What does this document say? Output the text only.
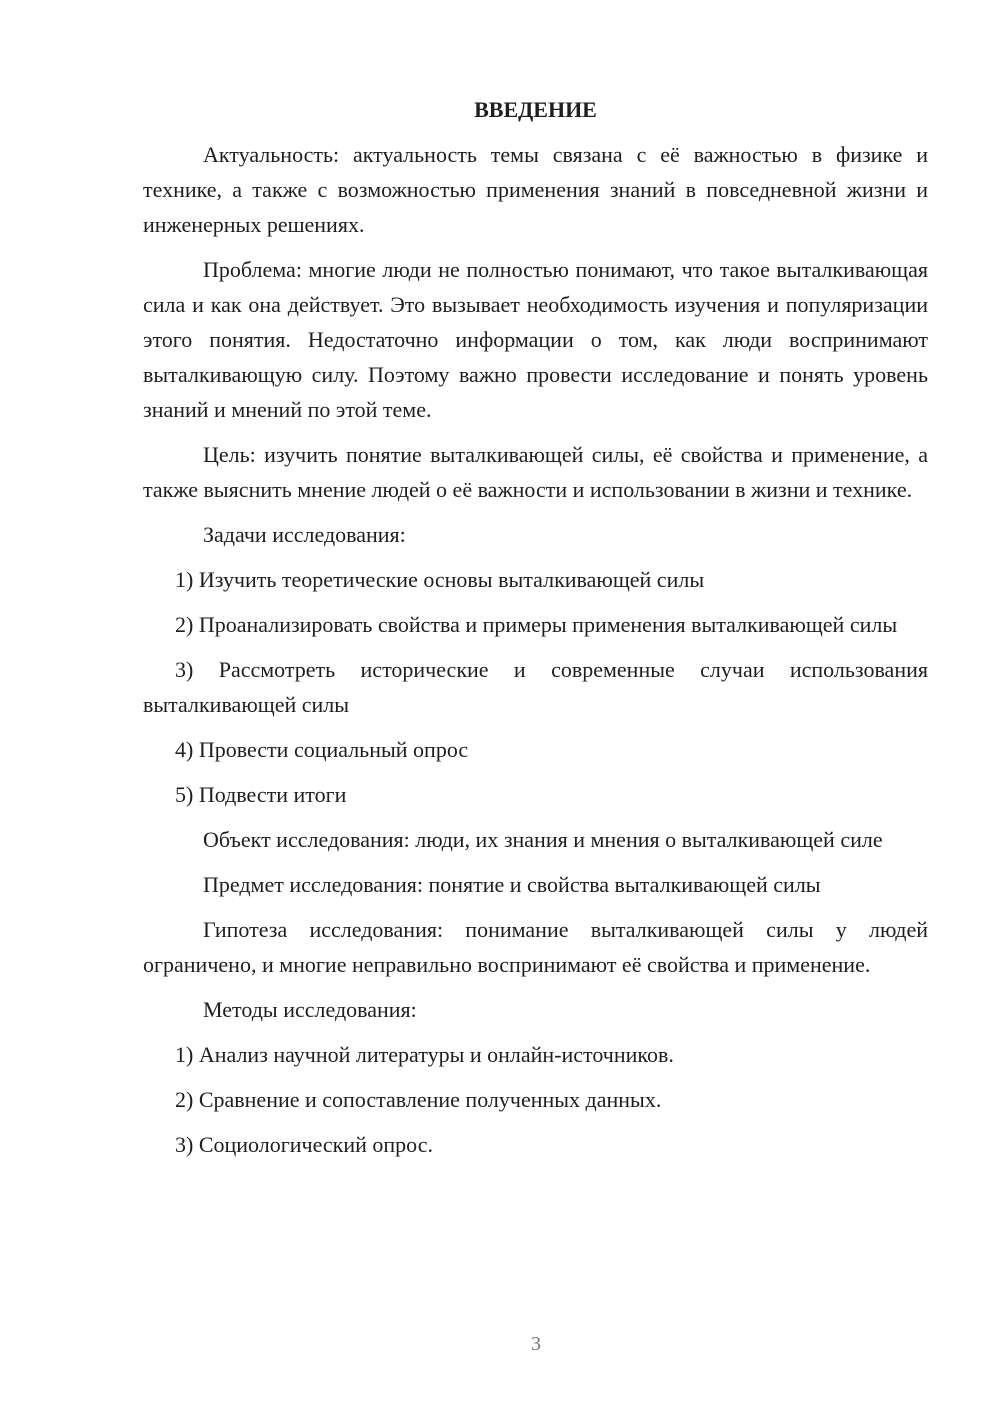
ВВЕДЕНИЕ

Актуальность: актуальность темы связана с её важностью в физике и технике, а также с возможностью применения знаний в повседневной жизни и инженерных решениях.

Проблема: многие люди не полностью понимают, что такое выталкивающая сила и как она действует. Это вызывает необходимость изучения и популяризации этого понятия. Недостаточно информации о том, как люди воспринимают выталкивающую силу. Поэтому важно провести исследование и понять уровень знаний и мнений по этой теме.

Цель: изучить понятие выталкивающей силы, её свойства и применение, а также выяснить мнение людей о её важности и использовании в жизни и технике.

Задачи исследования:

1) Изучить теоретические основы выталкивающей силы

2) Проанализировать свойства и примеры применения выталкивающей силы

3) Рассмотреть исторические и современные случаи использования выталкивающей силы

4) Провести социальный опрос

5) Подвести итоги

Объект исследования: люди, их знания и мнения о выталкивающей силе

Предмет исследования: понятие и свойства выталкивающей силы

Гипотеза исследования: понимание выталкивающей силы у людей ограничено, и многие неправильно воспринимают её свойства и применение.

Методы исследования:

1) Анализ научной литературы и онлайн-источников.

2) Сравнение и сопоставление полученных данных.

3) Социологический опрос.

3
